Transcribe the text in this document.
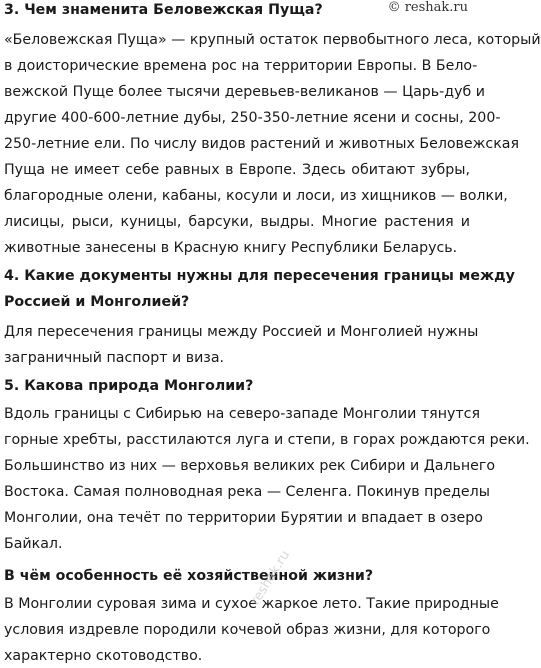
© reshak.ru
3. Чем знаменита Беловежская Пуща?
«Беловежская Пуща» — крупный остаток первобытного леса, который
в доисторические времена рос на территории Европы. В Бело-
вежской Пуще более тысячи деревьев-великанов — Царь-дуб и
другие 400-600-летние дубы, 250-350-летние ясени и сосны, 200-
250-летние ели. По числу видов растений и животных Беловежская
Пуща не имеет себе равных в Европе. Здесь обитают зубры,
благородные олени, кабаны, косули и лоси, из хищников — волки,
лисицы, рыси, куницы, барсуки, выдры. Многие растения и
животные занесены в Красную книгу Республики Беларусь.
4. Какие документы нужны для пересечения границы между
Россией и Монголией?
Для пересечения границы между Россией и Монголией нужны
заграничный паспорт и виза.
5. Какова природа Монголии?
Вдоль границы с Сибирью на северо-западе Монголии тянутся
горные хребты, расстилаются луга и степи, в горах рождаются реки.
Большинство из них — верховья великих рек Сибири и Дальнего
Востока. Самая полноводная река — Селенга. Покинув пределы
Монголии, она течёт по территории Бурятии и впадает в озеро
Байкал.
В чём особенность её хозяйственной жизни?
В Монголии суровая зима и сухое жаркое лето. Такие природные
условия издревле породили кочевой образ жизни, для которого
характерно скотоводство.
reshak.ru
